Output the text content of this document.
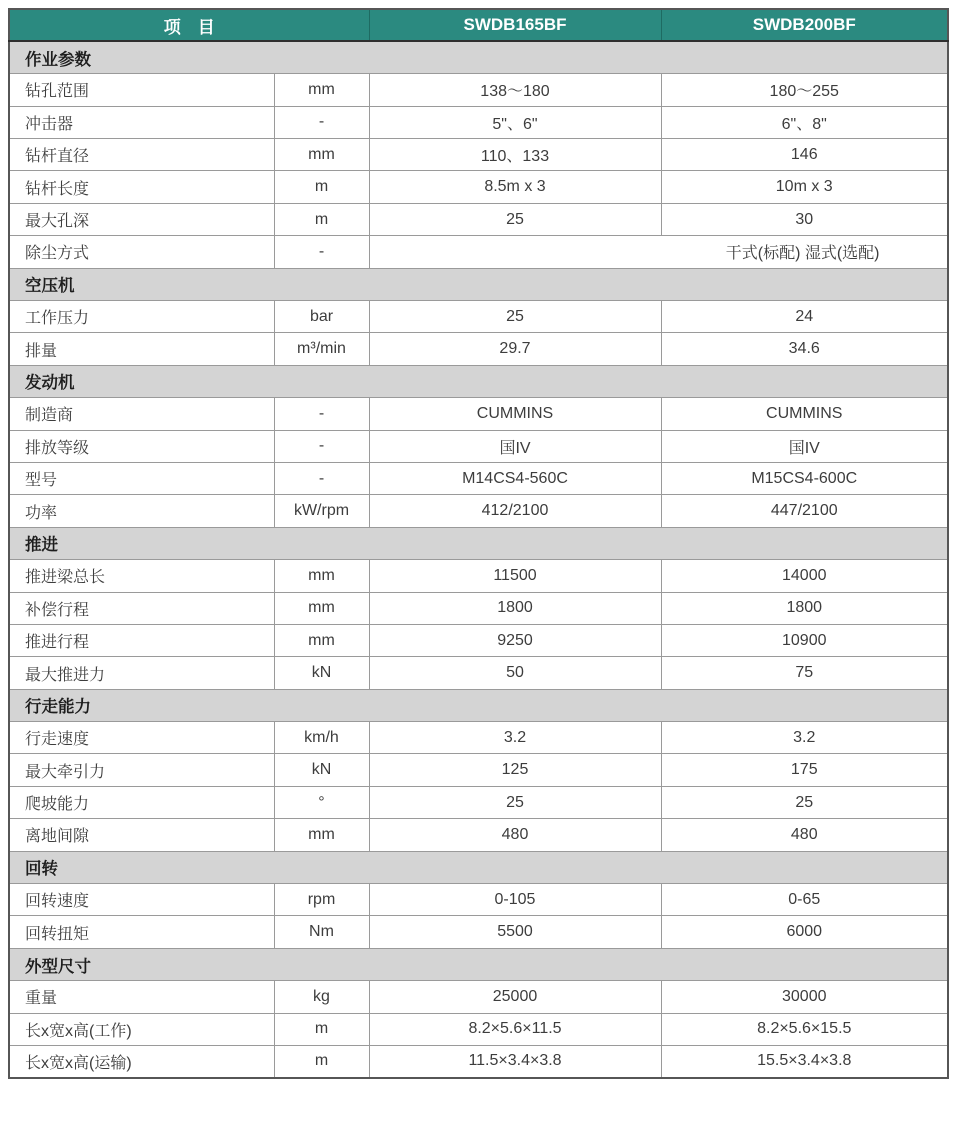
项　目		SWDB165BF	SWDB200BF
作业参数			
钻孔范围	mm	138～180	180～255
冲击器	-	5"、6"	6"、8"
钻杆直径	mm	110、133	146
钻杆长度	m	8.5m x 3	10m x 3
最大孔深	m	25	30
除尘方式	-	干式(标配) 湿式(选配)	

空压机			
工作压力	bar	25	24
排量	m³/min	29.7	34.6
发动机			
制造商	-	CUMMINS	CUMMINS
排放等级	-	国IV	国IV
型号	-	M14CS4-560C	M15CS4-600C
功率	kW/rpm	412/2100	447/2100
推进			
推进梁总长	mm	11500	14000
补偿行程	mm	1800	1800
推进行程	mm	9250	10900
最大推进力	kN	50	75
行走能力			
行走速度	km/h	3.2	3.2
最大牵引力	kN	125	175
爬坡能力	°	25	25
离地间隙	mm	480	480
回转			
回转速度	rpm	0-105	0-65
回转扭矩	Nm	5500	6000
外型尺寸			
重量	kg	25000	30000
长x宽x高(工作)	m	8.2×5.6×11.5	8.2×5.6×15.5
长x宽x高(运输)	m	11.5×3.4×3.8	15.5×3.4×3.8
